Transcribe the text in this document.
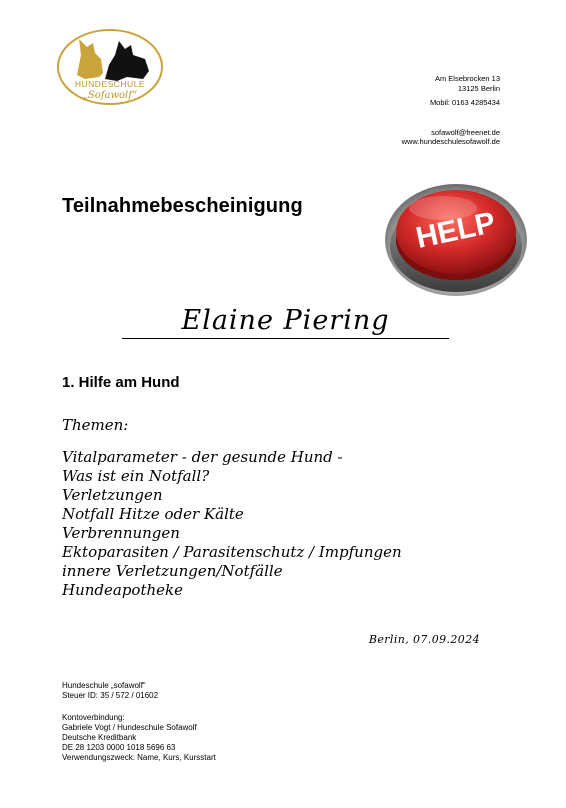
HUNDESCHULE
„Sofawolf“
Am Elsebrocken 13
13125 Berlin
Mobil: 0163 4285434
sofawolf@freenet.de
www.hundeschulesofawolf.de
Teilnahmebescheinigung
HELP
Elaine Piering
1. Hilfe am Hund
Themen:
Vitalparameter - der gesunde Hund -
Was ist ein Notfall?
Verletzungen
Notfall Hitze oder Kälte
Verbrennungen
Ektoparasiten / Parasitenschutz / Impfungen
innere Verletzungen/Notfälle
Hundeapotheke
Berlin, 07.09.2024
Hundeschule „sofawolf“
Steuer ID: 35 / 572 / 01602
Kontoverbindung:
Gabriele Vogt / Hundeschule Sofawolf
Deutsche Kreditbank
DE 28 1203 0000 1018 5696 63
Verwendungszweck: Name, Kurs, Kursstart
